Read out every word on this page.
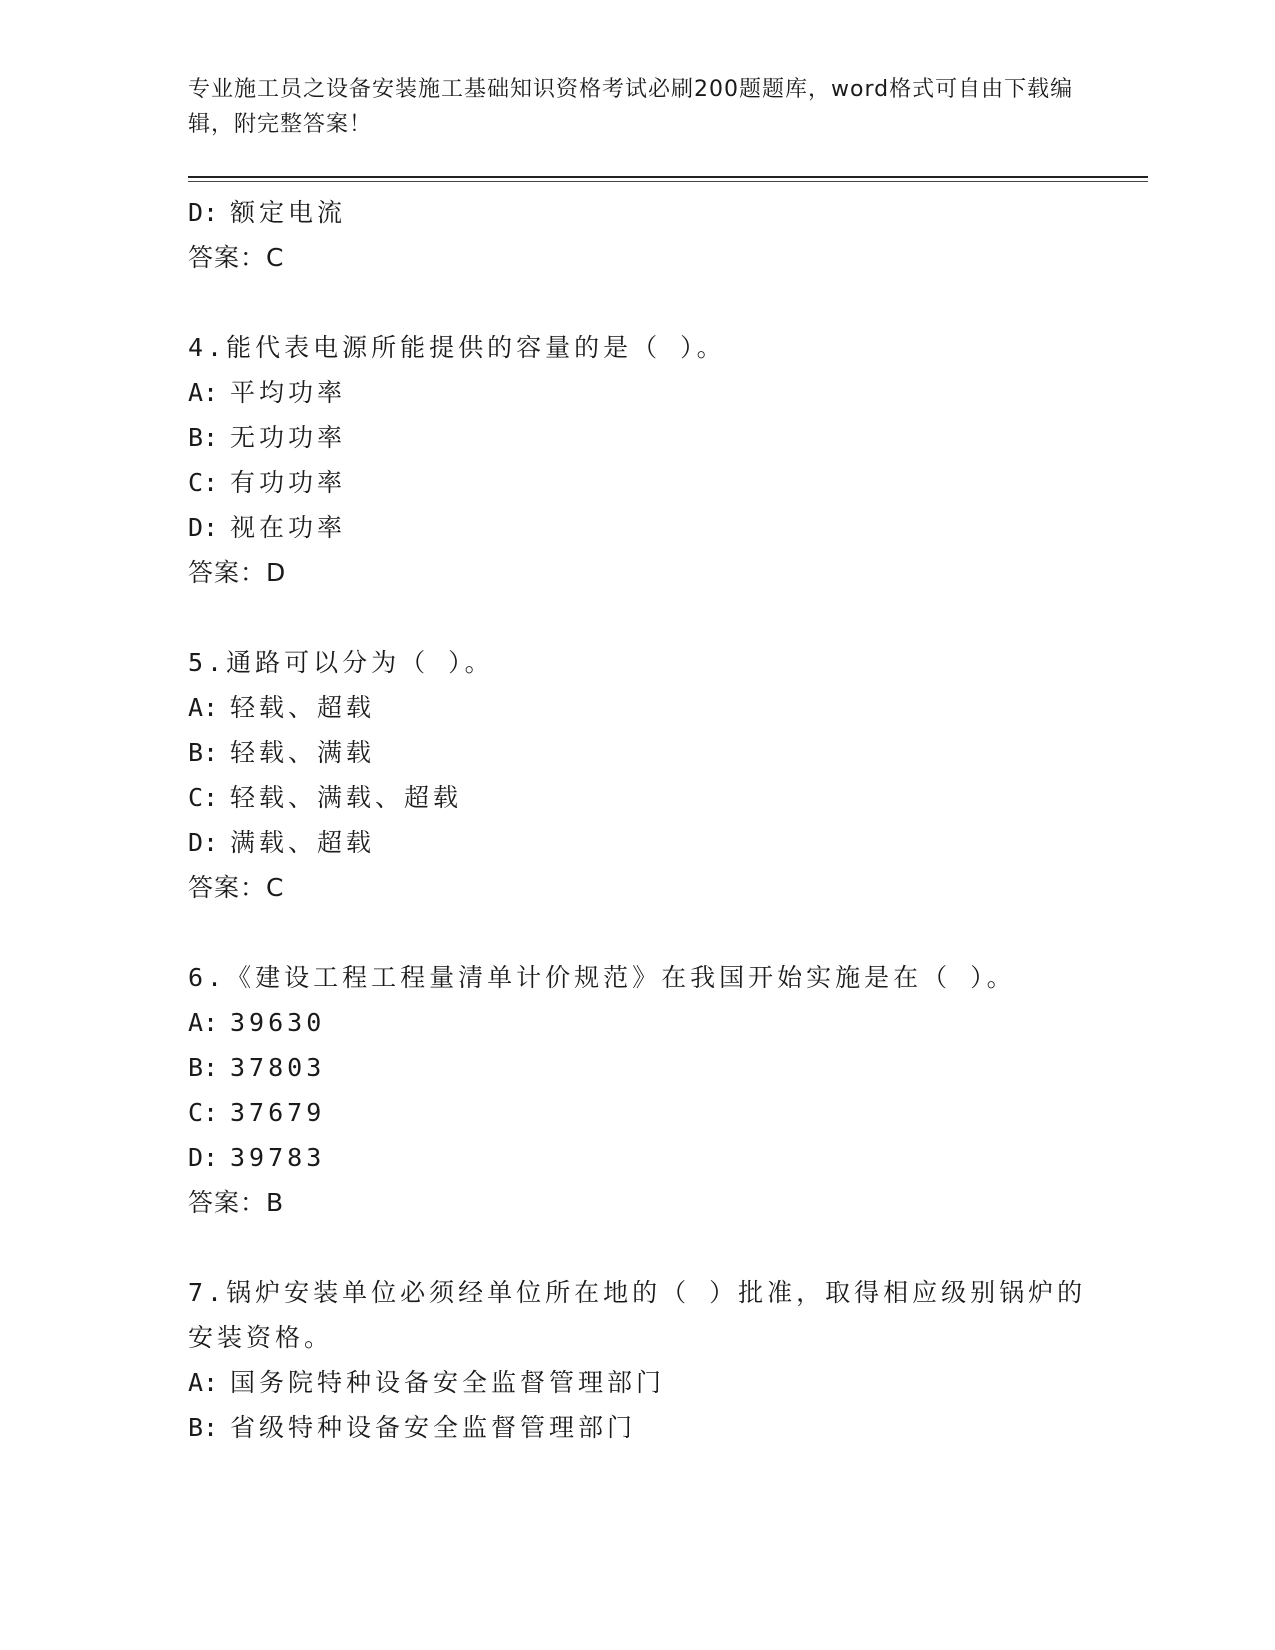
专业施工员之设备安装施工基础知识资格考试必刷200题题库，word格式可自由下载编辑，附完整答案！
D: 额定电流
答案：C
4.能代表电源所能提供的容量的是（ ）。
A: 平均功率
B: 无功功率
C: 有功功率
D: 视在功率
答案：D
5.通路可以分为（ ）。
A: 轻载、超载
B: 轻载、满载
C: 轻载、满载、超载
D: 满载、超载
答案：C
6.《建设工程工程量清单计价规范》在我国开始实施是在（ ）。
A: 39630
B: 37803
C: 37679
D: 39783
答案：B
7.锅炉安装单位必须经单位所在地的（ ）批准，取得相应级别锅炉的安装资格。
A: 国务院特种设备安全监督管理部门
B: 省级特种设备安全监督管理部门
